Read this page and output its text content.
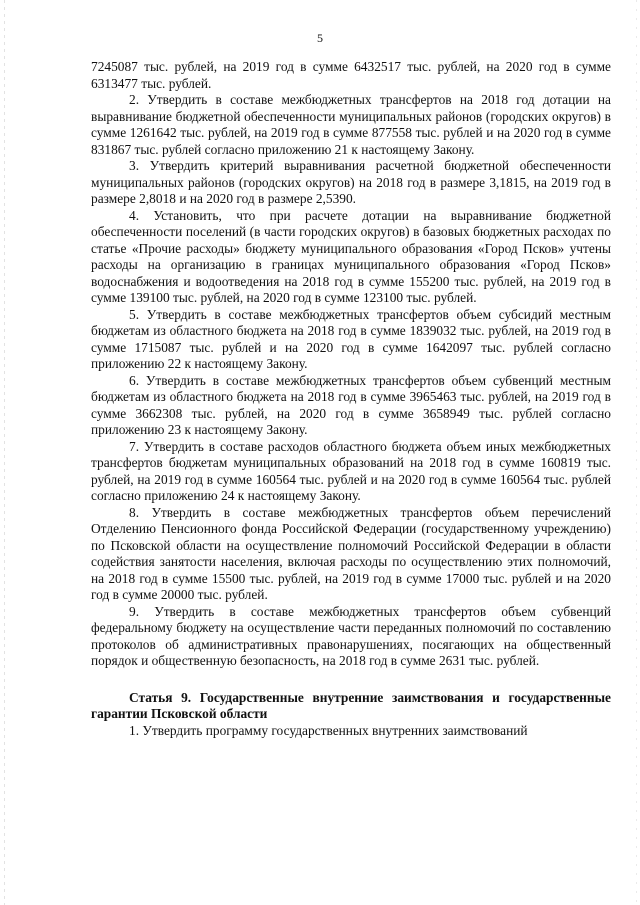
5

7245087 тыс. рублей, на 2019 год в сумме 6432517 тыс. рублей, на 2020 год в сумме 6313477 тыс. рублей.

2. Утвердить в составе межбюджетных трансфертов на 2018 год дотации на выравнивание бюджетной обеспеченности муниципальных районов (городских округов) в сумме 1261642 тыс. рублей, на 2019 год в сумме 877558 тыс. рублей и на 2020 год в сумме 831867 тыс. рублей согласно приложению 21 к настоящему Закону.

3. Утвердить критерий выравнивания расчетной бюджетной обеспеченности муниципальных районов (городских округов) на 2018 год в размере 3,1815, на 2019 год в размере 2,8018 и на 2020 год в размере 2,5390.

4. Установить, что при расчете дотации на выравнивание бюджетной обеспеченности поселений (в части городских округов) в базовых бюджетных расходах по статье «Прочие расходы» бюджету муниципального образования «Город Псков» учтены расходы на организацию в границах муниципального образования «Город Псков» водоснабжения и водоотведения на 2018 год в сумме 155200 тыс. рублей, на 2019 год в сумме 139100 тыс. рублей, на 2020 год в сумме 123100 тыс. рублей.

5. Утвердить в составе межбюджетных трансфертов объем субсидий местным бюджетам из областного бюджета на 2018 год в сумме 1839032 тыс. рублей, на 2019 год в сумме 1715087 тыс. рублей и на 2020 год в сумме 1642097 тыс. рублей согласно приложению 22 к настоящему Закону.

6. Утвердить в составе межбюджетных трансфертов объем субвенций местным бюджетам из областного бюджета на 2018 год в сумме 3965463 тыс. рублей, на 2019 год в сумме 3662308 тыс. рублей, на 2020 год в сумме 3658949 тыс. рублей согласно приложению 23 к настоящему Закону.

7. Утвердить в составе расходов областного бюджета объем иных межбюджетных трансфертов бюджетам муниципальных образований на 2018 год в сумме 160819 тыс. рублей, на 2019 год в сумме 160564 тыс. рублей и на 2020 год в сумме 160564 тыс. рублей согласно приложению 24 к настоящему Закону.

8. Утвердить в составе межбюджетных трансфертов объем перечислений Отделению Пенсионного фонда Российской Федерации (государственному учреждению) по Псковской области на осуществление полномочий Российской Федерации в области содействия занятости населения, включая расходы по осуществлению этих полномочий, на 2018 год в сумме 15500 тыс. рублей, на 2019 год в сумме 17000 тыс. рублей и на 2020 год в сумме 20000 тыс. рублей.

9. Утвердить в составе межбюджетных трансфертов объем субвенций федеральному бюджету на осуществление части переданных полномочий по составлению протоколов об административных правонарушениях, посягающих на общественный порядок и общественную безопасность, на 2018 год в сумме 2631 тыс. рублей.

Статья 9. Государственные внутренние заимствования и государственные гарантии Псковской области

1. Утвердить программу государственных внутренних заимствований
